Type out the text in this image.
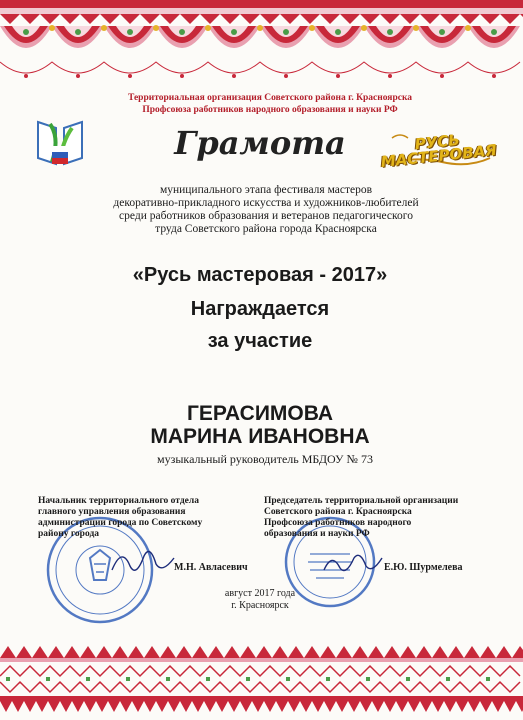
Территориальная организация Советского района г. Красноярска
Профсоюза работников народного образования и науки РФ
Грамота	РУСЬ МАСТЕРОВАЯ
муниципального этапа фестиваля мастеров
декоративно-прикладного искусства и художников-любителей
среди работников образования и ветеранов педагогического
труда Советского района города Красноярска
«Русь мастеровая - 2017»
Награждается
за участие
ГЕРАСИМОВА
МАРИНА ИВАНОВНА
музыкальный руководитель МБДОУ № 73
Начальник территориального отдела
главного управления образования
администрации города по Советскому
району города
М.Н. Авласевич
Председатель территориальной организации
Советского района г. Красноярска
Профсоюза работников народного
образования и науки РФ
Е.Ю. Шурмелева
август 2017 года
г. Красноярск
